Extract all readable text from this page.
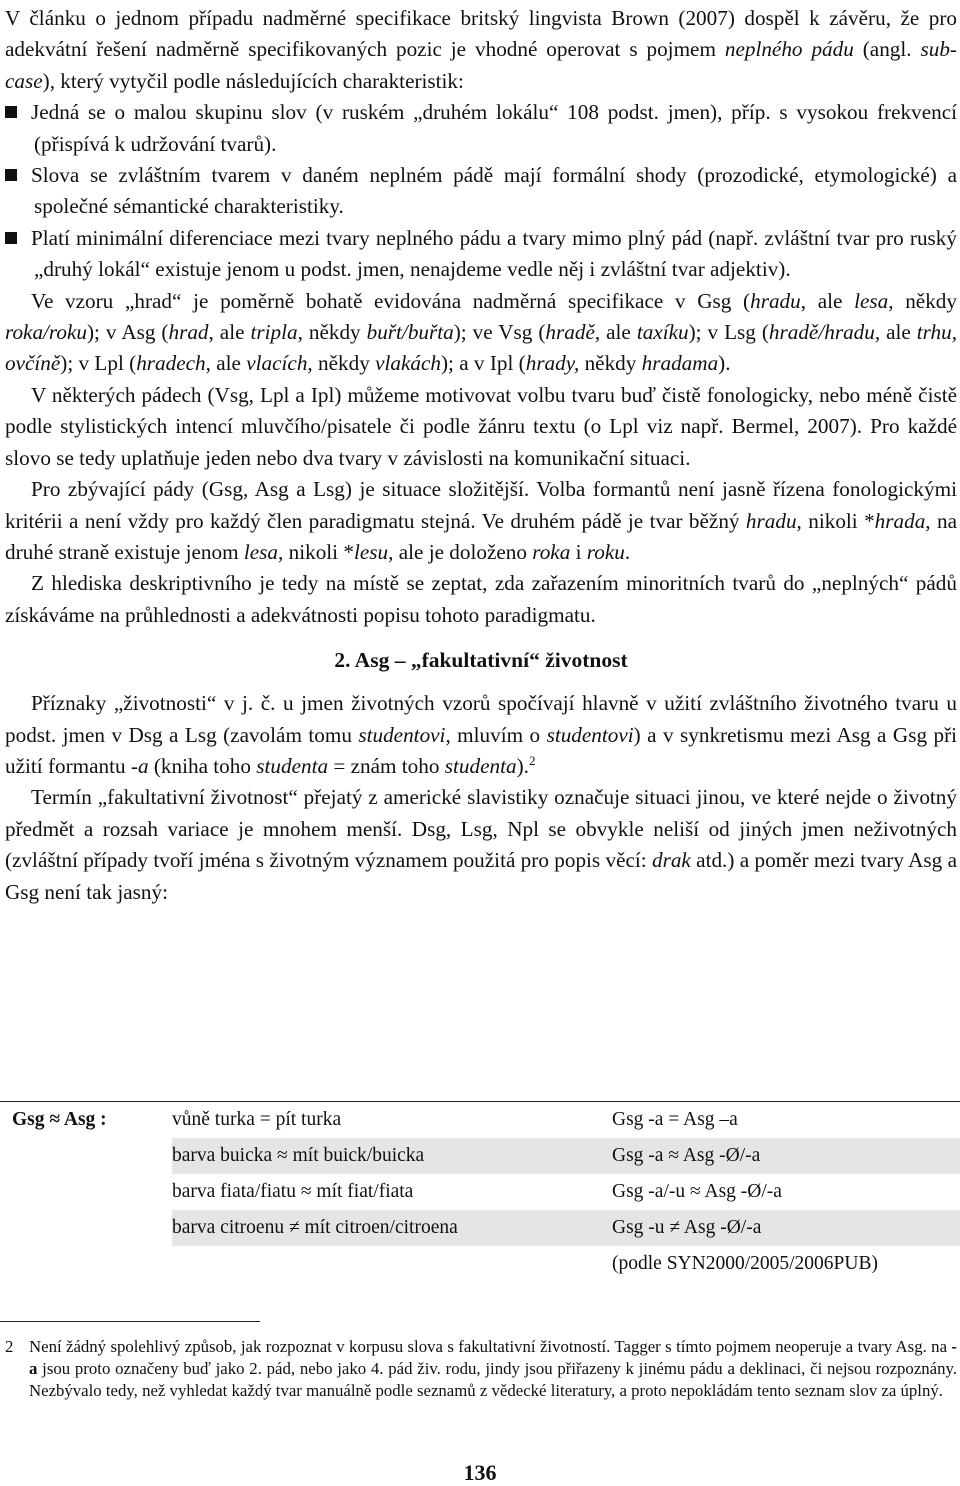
V článku o jednom případu nadměrné specifikace britský lingvista Brown (2007) dospěl k závěru, že pro adekvátní řešení nadměrně specifikovaných pozic je vhodné operovat s pojmem neplného pádu (angl. sub-case), který vytyčil podle následujících charakteristik:

Jedná se o malou skupinu slov (v ruském „druhém lokálu“ 108 podst. jmen), příp. s vysokou frekvencí (přispívá k udržování tvarů).

Slova se zvláštním tvarem v daném neplném pádě mají formální shody (prozodické, etymologické) a společné sémantické charakteristiky.

Platí minimální diferenciace mezi tvary neplného pádu a tvary mimo plný pád (např. zvláštní tvar pro ruský „druhý lokál“ existuje jenom u podst. jmen, nenajdeme vedle něj i zvláštní tvar adjektiv).

Ve vzoru „hrad“ je poměrně bohatě evidována nadměrná specifikace v Gsg (hradu, ale lesa, někdy roka/roku); v Asg (hrad, ale tripla, někdy buřt/buřta); ve Vsg (hradě, ale taxíku); v Lsg (hradě/hradu, ale trhu, ovčíně); v Lpl (hradech, ale vlacích, někdy vlakách); a v Ipl (hrady, někdy hradama).

V některých pádech (Vsg, Lpl a Ipl) můžeme motivovat volbu tvaru buď čistě fonologicky, nebo méně čistě podle stylistických intencí mluvčího/pisatele či podle žánru textu (o Lpl viz např. Bermel, 2007). Pro každé slovo se tedy uplatňuje jeden nebo dva tvary v závislosti na komunikační situaci.

Pro zbývající pády (Gsg, Asg a Lsg) je situace složitější. Volba formantů není jasně řízena fonologickými kritérii a není vždy pro každý člen paradigmatu stejná. Ve druhém pádě je tvar běžný hradu, nikoli *hrada, na druhé straně existuje jenom lesa, nikoli *lesu, ale je doloženo roka i roku.

Z hlediska deskriptivního je tedy na místě se zeptat, zda zařazením minoritních tvarů do „neplných“ pádů získáváme na průhlednosti a adekvátnosti popisu tohoto paradigmatu.

2. Asg – „fakultativní“ životnost

Příznaky „životnosti“ v j. č. u jmen životných vzorů spočívají hlavně v užití zvláštního životného tvaru u podst. jmen v Dsg a Lsg (zavolám tomu studentovi, mluvím o studentovi) a v synkretismu mezi Asg a Gsg při užití formantu -a (kniha toho studenta = znám toho studenta).$^2$

Termín „fakultativní životnost“ přejatý z americké slavistiky označuje situaci jinou, ve které nejde o životný předmět a rozsah variace je mnohem menší. Dsg, Lsg, Npl se obvykle neliší od jiných jmen neživotných (zvláštní případy tvoří jména s životným významem použitá pro popis věcí: drak atd.) a poměr mezi tvary Asg a Gsg není tak jasný:

Gsg ≈ Asg :	vůně turka = pít turka	Gsg -a = Asg –a
	barva buicka ≈ mít buick/buicka	Gsg -a ≈ Asg -Ø/-a
	barva fiata/fiatu ≈ mít fiat/fiata	Gsg -a/-u ≈ Asg -Ø/-a
	barva citroenu ≠ mít citroen/citroena	Gsg -u ≠ Asg -Ø/-a
		(podle SYN2000/2005/2006PUB)
2 Není žádný spolehlivý způsob, jak rozpoznat v korpusu slova s fakultativní životností. Tagger s tímto pojmem neoperuje a tvary Asg. na -a jsou proto označeny buď jako 2. pád, nebo jako 4. pád živ. rodu, jindy jsou přiřazeny k jinému pádu a deklinaci, či nejsou rozpoznány. Nezbývalo tedy, než vyhledat každý tvar manuálně podle seznamů z vědecké literatury, a proto nepokládám tento seznam slov za úplný.
136
